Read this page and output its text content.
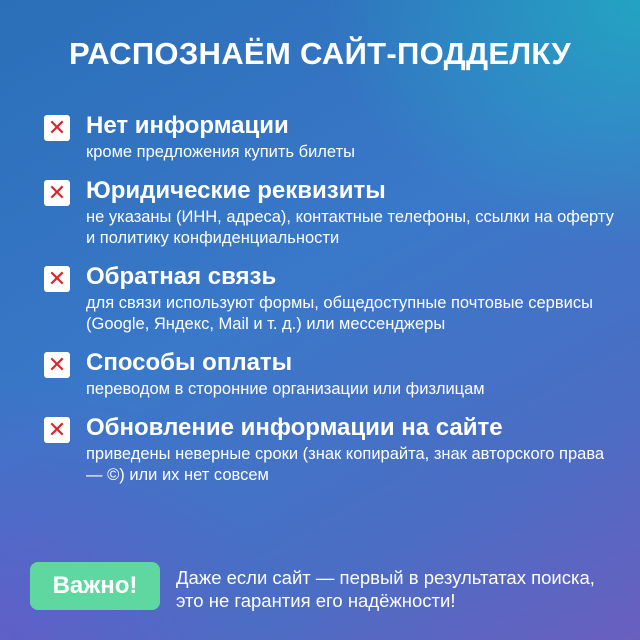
РАСПОЗНАЁМ САЙТ-ПОДДЕЛКУ
✕ Нет информации
кроме предложения купить билеты
✕ Юридические реквизиты
не указаны (ИНН, адреса), контактные телефоны, ссылки на оферту и политику конфиденциальности
✕ Обратная связь
для связи используют формы, общедоступные почтовые сервисы (Google, Яндекс, Mail и т. д.) или мессенджеры
✕ Способы оплаты
переводом в сторонние организации или физлицам
✕ Обновление информации на сайте
приведены неверные сроки (знак копирайта, знак авторского права — ©) или их нет совсем
Важно!	Даже если сайт — первый в результатах поиска, это не гарантия его надёжности!
